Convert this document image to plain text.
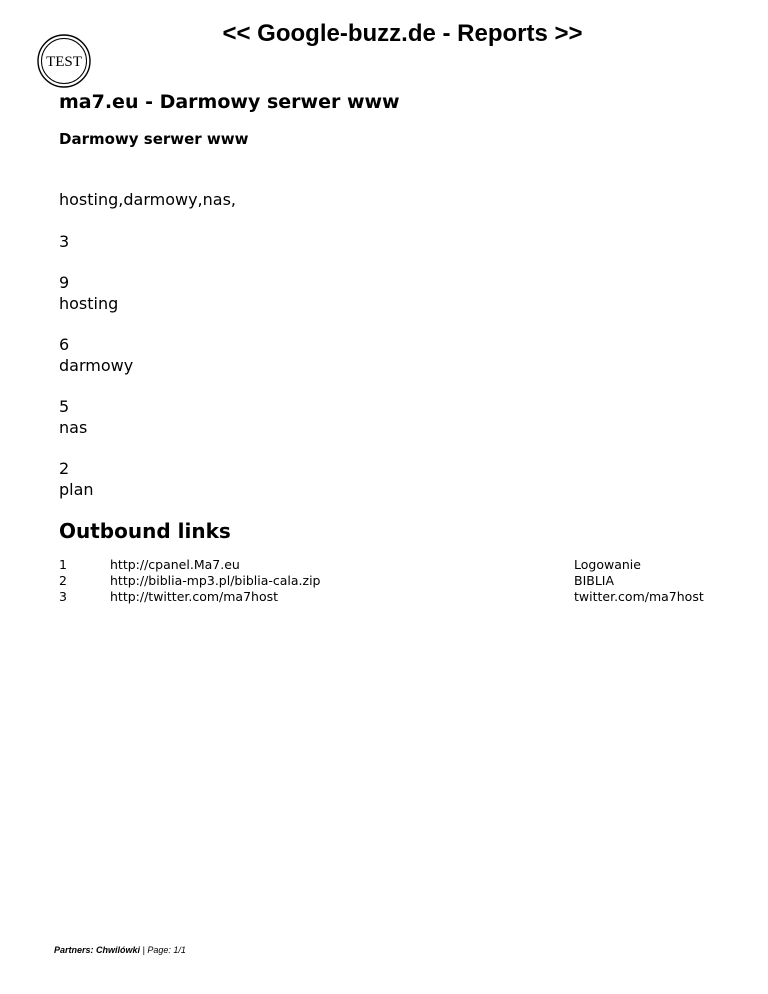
TEST
<< Google-buzz.de - Reports >>
ma7.eu - Darmowy serwer www
Darmowy serwer www
hosting,darmowy,nas,
3
9
hosting
6
darmowy
5
nas
2
plan
Outbound links
1	http://cpanel.Ma7.eu	Logowanie
2	http://biblia-mp3.pl/biblia-cala.zip	BIBLIA
3	http://twitter.com/ma7host	twitter.com/ma7host
Partners: Chwilówki | Page: 1/1
